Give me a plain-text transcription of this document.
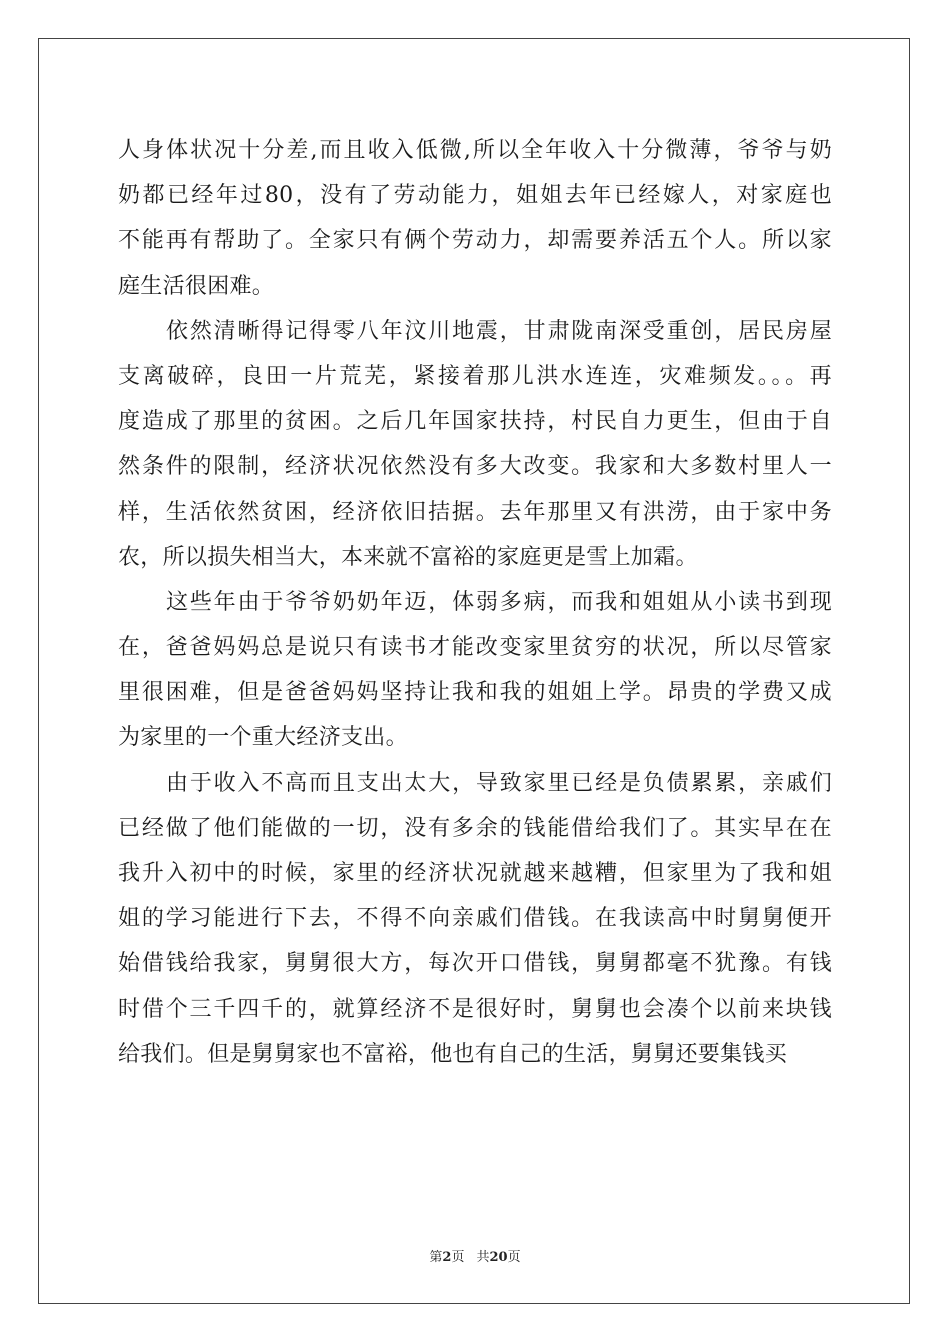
人身体状况十分差,而且收入低微,所以全年收入十分微薄，爷爷与奶
奶都已经年过80，没有了劳动能力，姐姐去年已经嫁人，对家庭也
不能再有帮助了。全家只有俩个劳动力，却需要养活五个人。所以家
庭生活很困难。
依然清晰得记得零八年汶川地震，甘肃陇南深受重创，居民房屋
支离破碎，良田一片荒芜，紧接着那儿洪水连连，灾难频发。。。再
度造成了那里的贫困。之后几年国家扶持，村民自力更生，但由于自
然条件的限制，经济状况依然没有多大改变。我家和大多数村里人一
样，生活依然贫困，经济依旧拮据。去年那里又有洪涝，由于家中务
农，所以损失相当大，本来就不富裕的家庭更是雪上加霜。
这些年由于爷爷奶奶年迈，体弱多病，而我和姐姐从小读书到现
在，爸爸妈妈总是说只有读书才能改变家里贫穷的状况，所以尽管家
里很困难，但是爸爸妈妈坚持让我和我的姐姐上学。昂贵的学费又成
为家里的一个重大经济支出。
由于收入不高而且支出太大，导致家里已经是负债累累，亲戚们
已经做了他们能做的一切，没有多余的钱能借给我们了。其实早在在
我升入初中的时候，家里的经济状况就越来越糟，但家里为了我和姐
姐的学习能进行下去，不得不向亲戚们借钱。在我读高中时舅舅便开
始借钱给我家，舅舅很大方，每次开口借钱，舅舅都毫不犹豫。有钱
时借个三千四千的，就算经济不是很好时，舅舅也会凑个以前来块钱
给我们。但是舅舅家也不富裕，他也有自己的生活，舅舅还要集钱买
第2页 共20页
